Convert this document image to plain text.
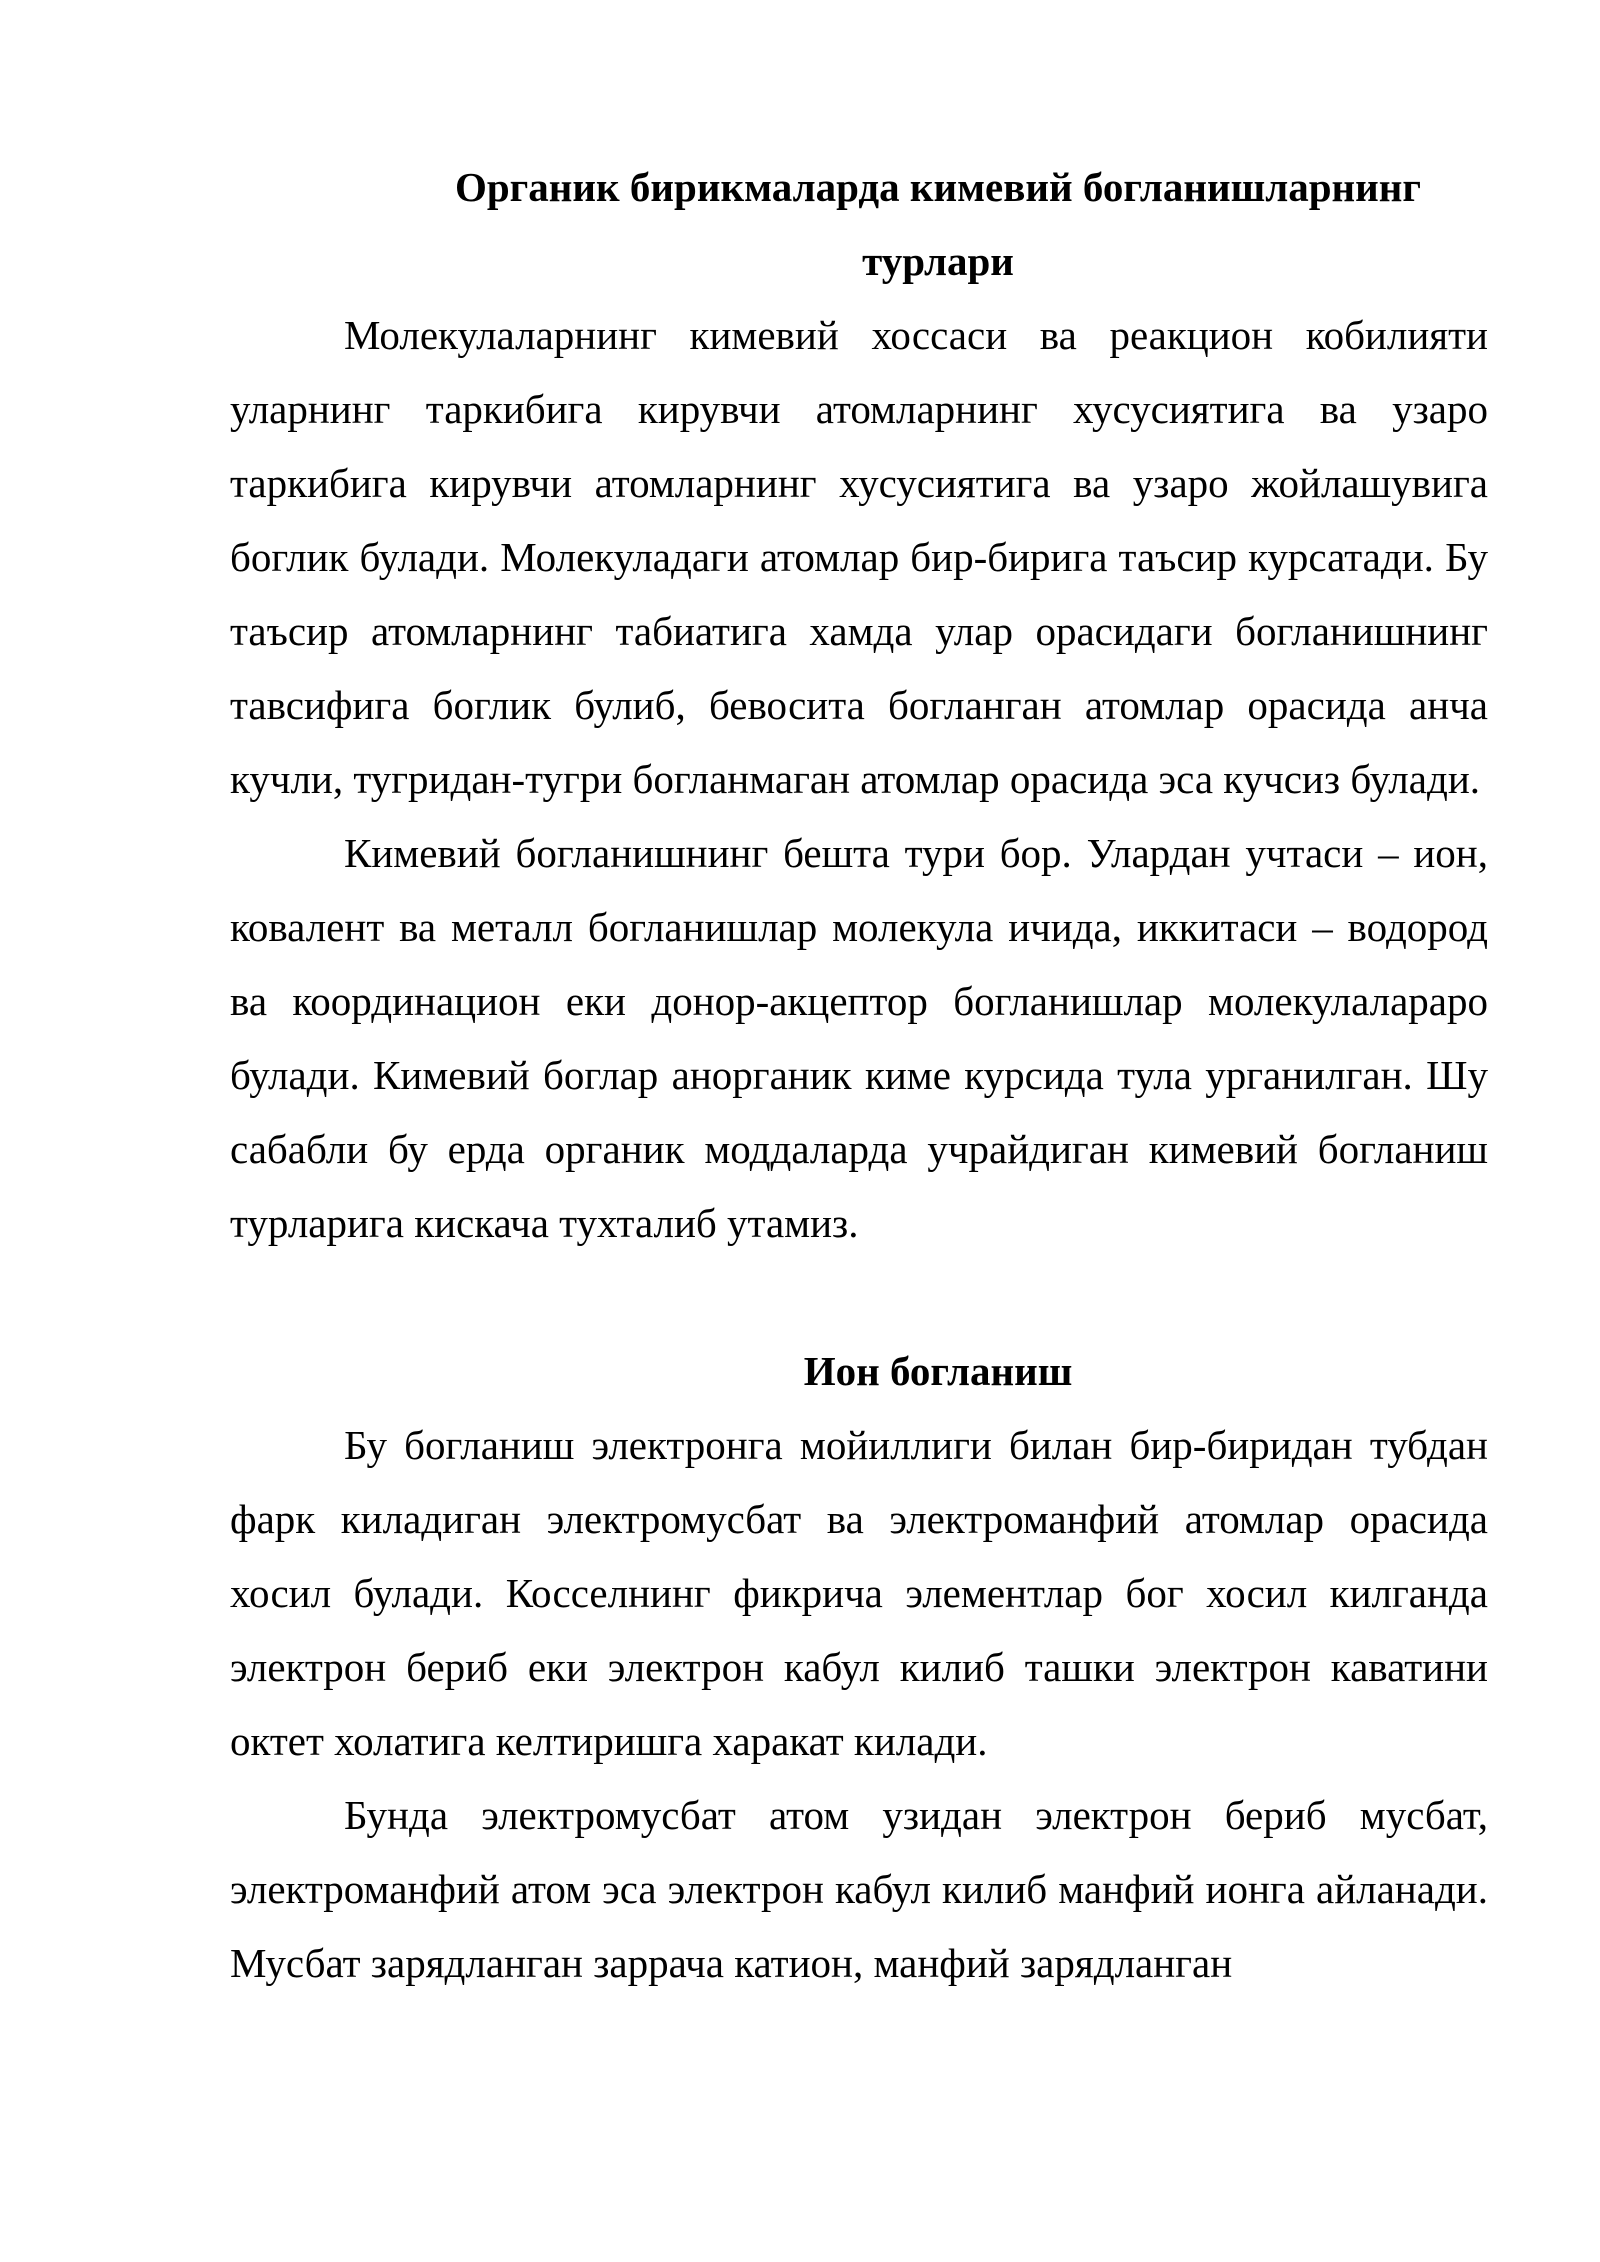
Органик бирикмаларда кимевий богланишларнинг турлари

Молекулаларнинг кимевий хоссаси ва реакцион кобилияти уларнинг таркибига кирувчи атомларнинг хусусиятига ва узаро таркибига кирувчи атомларнинг хусусиятига ва узаро жойлашувига боглик булади. Молекуладаги атомлар бир-бирига таъсир курсатади. Бу таъсир атомларнинг табиатига хамда улар орасидаги богланишнинг тавсифига боглик булиб, бевосита богланган атомлар орасида анча кучли, тугридан-тугри богланмаган атомлар орасида эса кучсиз булади.

Кимевий богланишнинг бешта тури бор. Улардан учтаси – ион, ковалент ва металл богланишлар молекула ичида, иккитаси – водород ва координацион еки донор-акцептор богланишлар молекулалараро булади. Кимевий боглар анорганик киме курсида тула урганилган. Шу сабабли бу ерда органик моддаларда учрайдиган кимевий богланиш турларига кискача тухталиб утамиз.

Ион богланиш

Бу богланиш электронга мойиллиги билан бир-биридан тубдан фарк киладиган электромусбат ва электроманфий атомлар орасида хосил булади. Косселнинг фикрича элементлар бог хосил килганда электрон бериб еки электрон кабул килиб ташки электрон каватини октет холатига келтиришга харакат килади.

Бунда электромусбат атом узидан электрон бериб мусбат, электроманфий атом эса электрон кабул килиб манфий ионга айланади. Мусбат зарядланган заррача катион, манфий зарядланган
